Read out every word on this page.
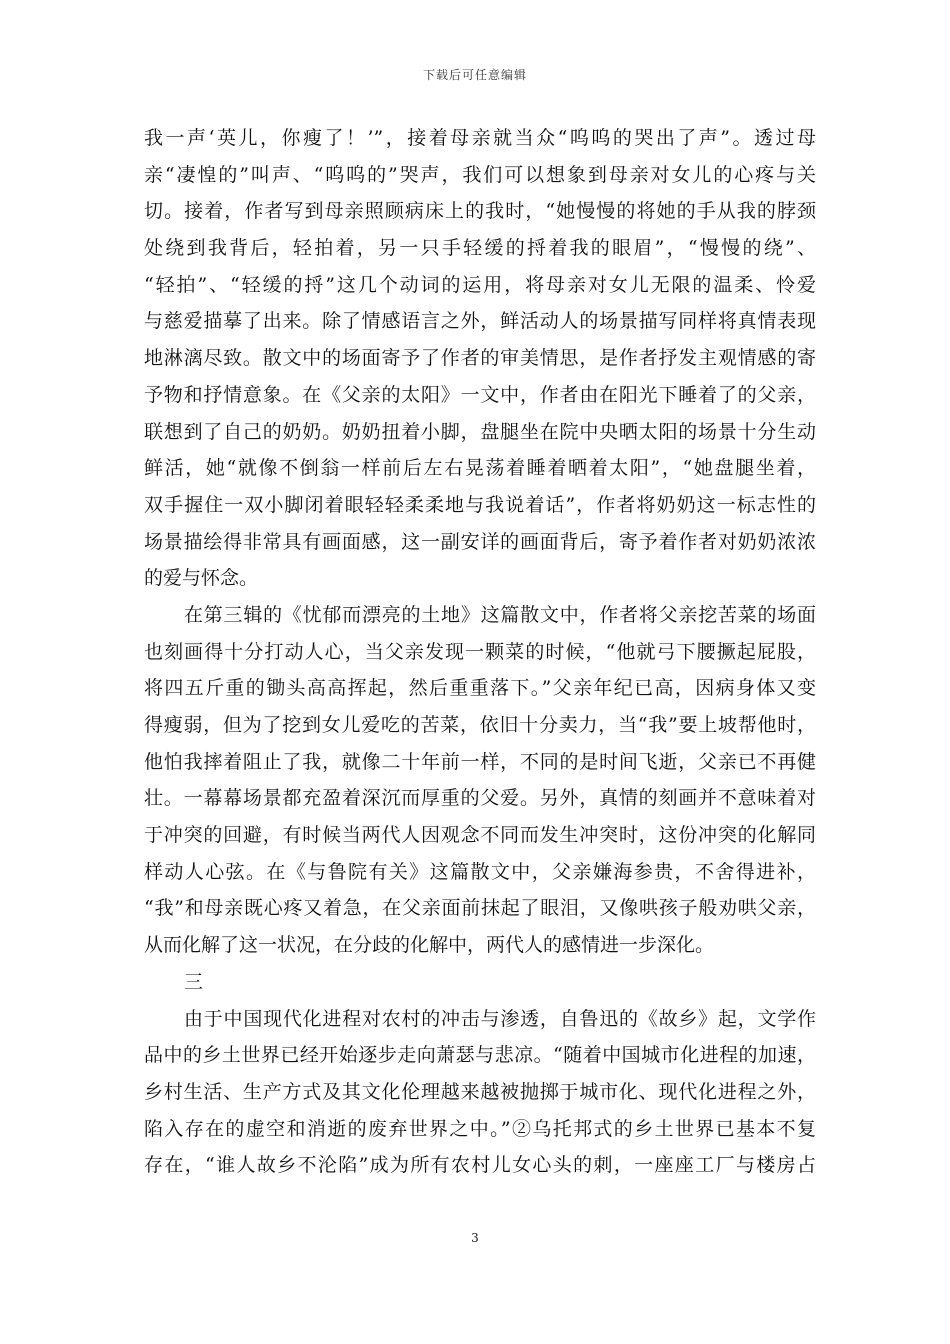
下载后可任意编辑
我一声‘英儿，你瘦了！’”，接着母亲就当众“呜呜的哭出了声”。透过母
亲“凄惶的”叫声、“呜呜的”哭声，我们可以想象到母亲对女儿的心疼与关
切。接着，作者写到母亲照顾病床上的我时，“她慢慢的将她的手从我的脖颈
处绕到我背后，轻拍着，另一只手轻缓的捋着我的眼眉”，“慢慢的绕”、
“轻拍”、“轻缓的捋”这几个动词的运用，将母亲对女儿无限的温柔、怜爱
与慈爱描摹了出来。除了情感语言之外，鲜活动人的场景描写同样将真情表现
地淋漓尽致。散文中的场面寄予了作者的审美情思，是作者抒发主观情感的寄
予物和抒情意象。在《父亲的太阳》一文中，作者由在阳光下睡着了的父亲，
联想到了自己的奶奶。奶奶扭着小脚，盘腿坐在院中央晒太阳的场景十分生动
鲜活，她“就像不倒翁一样前后左右晃荡着睡着晒着太阳”，“她盘腿坐着，
双手握住一双小脚闭着眼轻轻柔柔地与我说着话”，作者将奶奶这一标志性的
场景描绘得非常具有画面感，这一副安详的画面背后，寄予着作者对奶奶浓浓
的爱与怀念。
在第三辑的《忧郁而漂亮的土地》这篇散文中，作者将父亲挖苦菜的场面
也刻画得十分打动人心，当父亲发现一颗菜的时候，“他就弓下腰撅起屁股，
将四五斤重的锄头高高挥起，然后重重落下。”父亲年纪已高，因病身体又变
得瘦弱，但为了挖到女儿爱吃的苦菜，依旧十分卖力，当“我”要上坡帮他时，
他怕我摔着阻止了我，就像二十年前一样，不同的是时间飞逝，父亲已不再健
壮。一幕幕场景都充盈着深沉而厚重的父爱。另外，真情的刻画并不意味着对
于冲突的回避，有时候当两代人因观念不同而发生冲突时，这份冲突的化解同
样动人心弦。在《与鲁院有关》这篇散文中，父亲嫌海参贵，不舍得进补，
“我”和母亲既心疼又着急，在父亲面前抹起了眼泪，又像哄孩子般劝哄父亲，
从而化解了这一状况，在分歧的化解中，两代人的感情进一步深化。
三
由于中国现代化进程对农村的冲击与渗透，自鲁迅的《故乡》起，文学作
品中的乡土世界已经开始逐步走向萧瑟与悲凉。“随着中国城市化进程的加速，
乡村生活、生产方式及其文化伦理越来越被抛掷于城市化、现代化进程之外，
陷入存在的虚空和消逝的废弃世界之中。”②乌托邦式的乡土世界已基本不复
存在，“谁人故乡不沦陷”成为所有农村儿女心头的刺，一座座工厂与楼房占
3
